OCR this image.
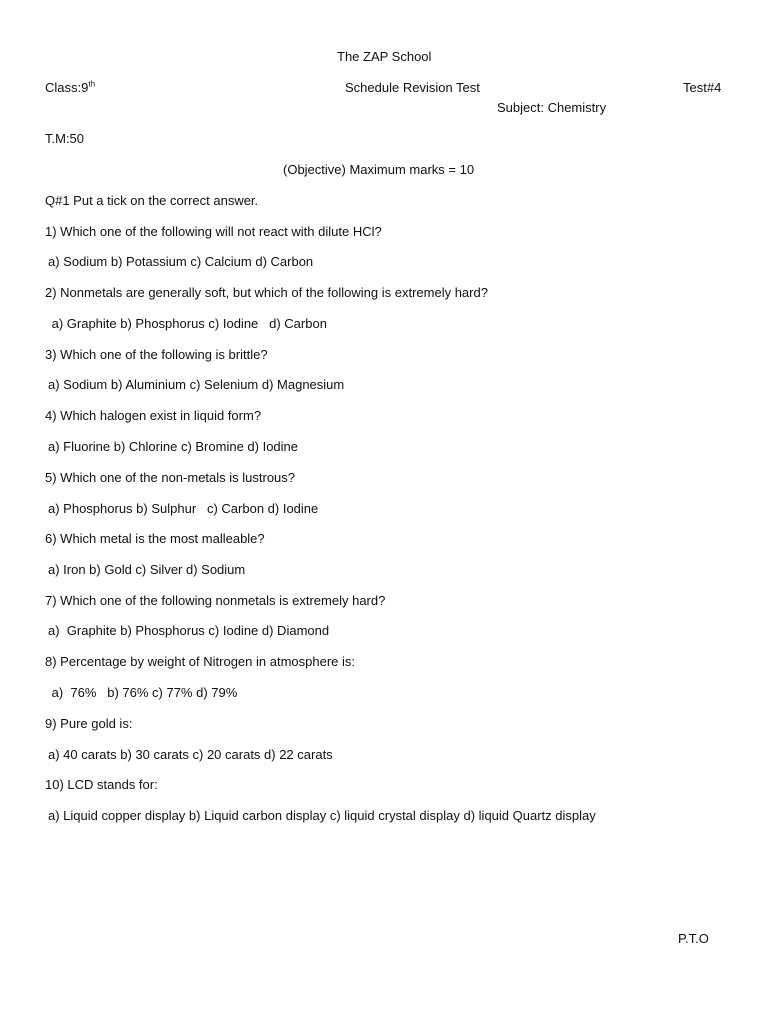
The ZAP School
Class:9th	Schedule Revision Test	Test#4
Subject: Chemistry
T.M:50
(Objective) Maximum marks = 10
Q#1 Put a tick on the correct answer.
1) Which one of the following will not react with dilute HCl?
a) Sodium b) Potassium c) Calcium d) Carbon
2) Nonmetals are generally soft, but which of the following is extremely hard?
a) Graphite b) Phosphorus c) Iodine   d) Carbon
3) Which one of the following is brittle?
a) Sodium b) Aluminium c) Selenium d) Magnesium
4) Which halogen exist in liquid form?
a) Fluorine b) Chlorine c) Bromine d) Iodine
5) Which one of the non-metals is lustrous?
a) Phosphorus b) Sulphur   c) Carbon d) Iodine
6) Which metal is the most malleable?
a) Iron b) Gold c) Silver d) Sodium
7) Which one of the following nonmetals is extremely hard?
a)  Graphite b) Phosphorus c) Iodine d) Diamond
8) Percentage by weight of Nitrogen in atmosphere is:
a)  76%   b) 76% c) 77% d) 79%
9) Pure gold is:
a) 40 carats b) 30 carats c) 20 carats d) 22 carats
10) LCD stands for:
a) Liquid copper display b) Liquid carbon display c) liquid crystal display d) liquid Quartz display
P.T.O
